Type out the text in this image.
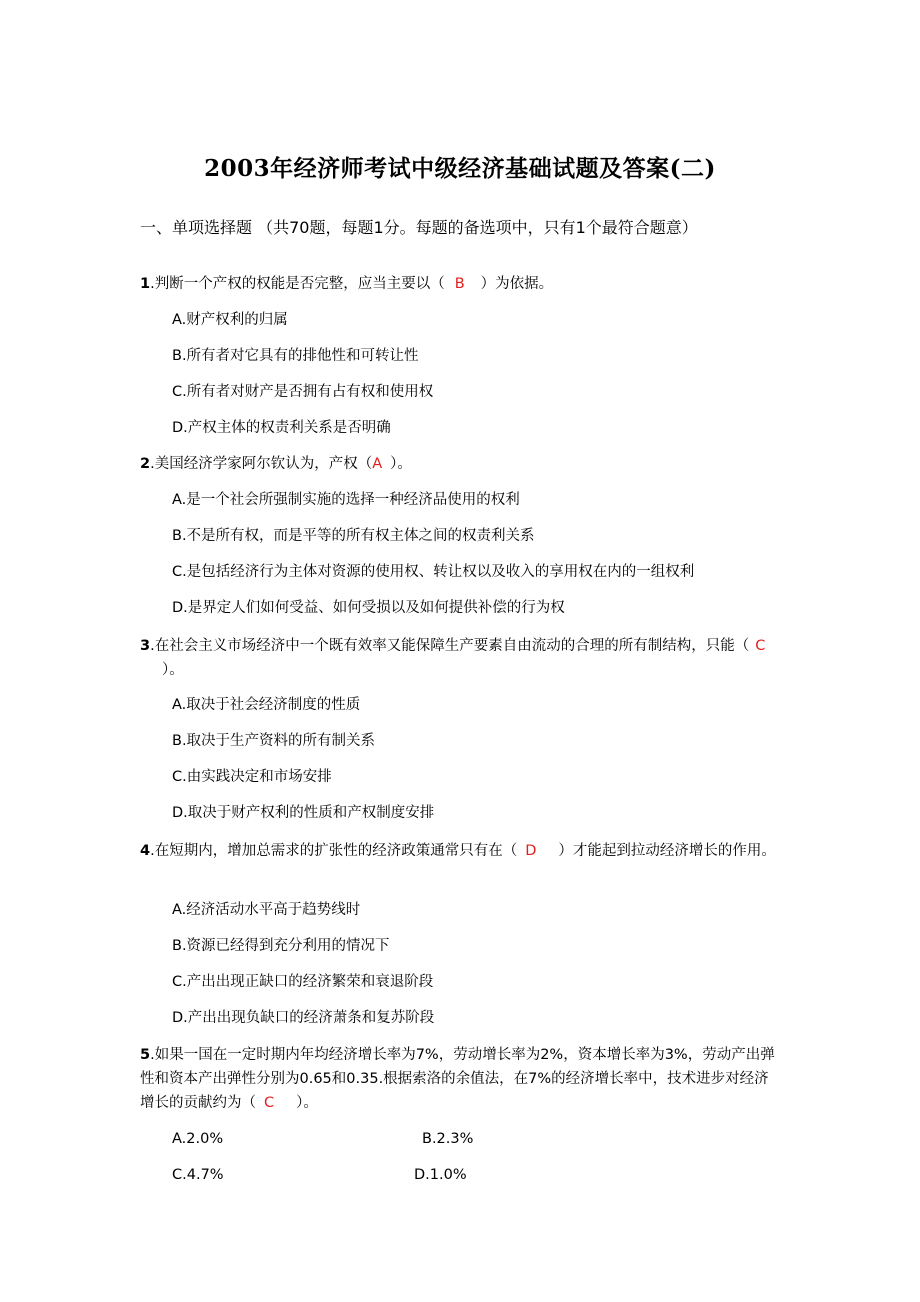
2003年经济师考试中级经济基础试题及答案(二)
一、单项选择题 （共70题，每题1分。每题的备选项中，只有1个最符合题意）
1.判断一个产权的权能是否完整，应当主要以（ B ）为依据。
A.财产权利的归属
B.所有者对它具有的排他性和可转让性
C.所有者对财产是否拥有占有权和使用权
D.产权主体的权责利关系是否明确
2.美国经济学家阿尔钦认为，产权（A ）。
A.是一个社会所强制实施的选择一种经济品使用的权利
B.不是所有权，而是平等的所有权主体之间的权责利关系
C.是包括经济行为主体对资源的使用权、转让权以及收入的享用权在内的一组权利
D.是界定人们如何受益、如何受损以及如何提供补偿的行为权
3.在社会主义市场经济中一个既有效率又能保障生产要素自由流动的合理的所有制结构，只能（ C）。
A.取决于社会经济制度的性质
B.取决于生产资料的所有制关系
C.由实践决定和市场安排
D.取决于财产权利的性质和产权制度安排
4.在短期内，增加总需求的扩张性的经济政策通常只有在（ D ）才能起到拉动经济增长的作用。
A.经济活动水平高于趋势线时
B.资源已经得到充分利用的情况下
C.产出出现正缺口的经济繁荣和衰退阶段
D.产出出现负缺口的经济萧条和复苏阶段
5.如果一国在一定时期内年均经济增长率为7%，劳动增长率为2%，资本增长率为3%，劳动产出弹性和资本产出弹性分别为0.65和0.35.根据索洛的余值法，在7%的经济增长率中，技术进步对经济增长的贡献约为（ C ）。
A.2.0%	B.2.3%
C.4.7%	D.1.0%
